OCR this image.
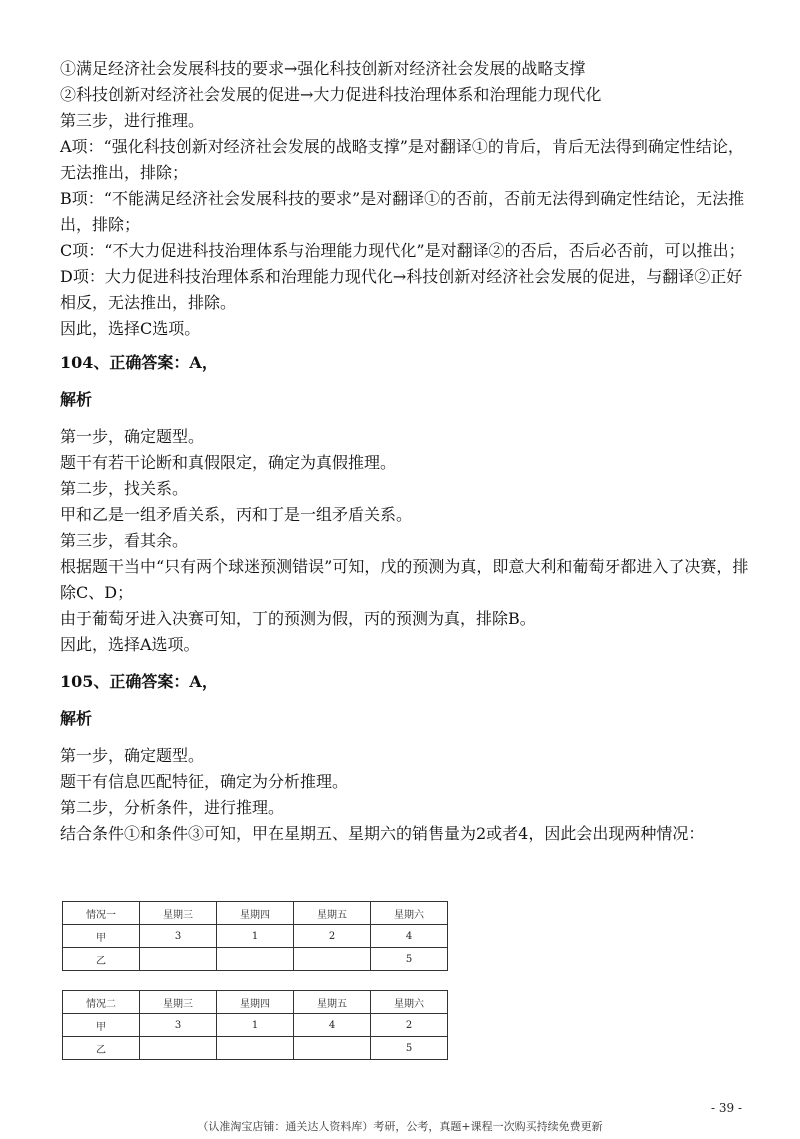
①满足经济社会发展科技的要求→强化科技创新对经济社会发展的战略支撑

②科技创新对经济社会发展的促进→大力促进科技治理体系和治理能力现代化

第三步，进行推理。

A项：“强化科技创新对经济社会发展的战略支撑”是对翻译①的肯后，肯后无法得到确定性结论，无法推出，排除；

B项：“不能满足经济社会发展科技的要求”是对翻译①的否前，否前无法得到确定性结论，无法推出，排除；

C项：“不大力促进科技治理体系与治理能力现代化”是对翻译②的否后，否后必否前，可以推出；

D项：大力促进科技治理体系和治理能力现代化→科技创新对经济社会发展的促进，与翻译②正好相反，无法推出，排除。

因此，选择C选项。

104、正确答案：A，

解析

第一步，确定题型。

题干有若干论断和真假限定，确定为真假推理。

第二步，找关系。

甲和乙是一组矛盾关系，丙和丁是一组矛盾关系。

第三步，看其余。

根据题干当中“只有两个球迷预测错误”可知，戊的预测为真，即意大利和葡萄牙都进入了决赛，排除C、D；

由于葡萄牙进入决赛可知，丁的预测为假，丙的预测为真，排除B。

因此，选择A选项。

105、正确答案：A，

解析

第一步，确定题型。

题干有信息匹配特征，确定为分析推理。

第二步，分析条件，进行推理。

结合条件①和条件③可知，甲在星期五、星期六的销售量为2或者4，因此会出现两种情况：

情况一	星期三	星期四	星期五	星期六
甲	3	1	2	4
乙				5
情况二	星期三	星期四	星期五	星期六
甲	3	1	4	2
乙				5
- 39 -
（认准淘宝店铺：通关达人资料库）考研，公考，真题+课程一次购买持续免费更新
